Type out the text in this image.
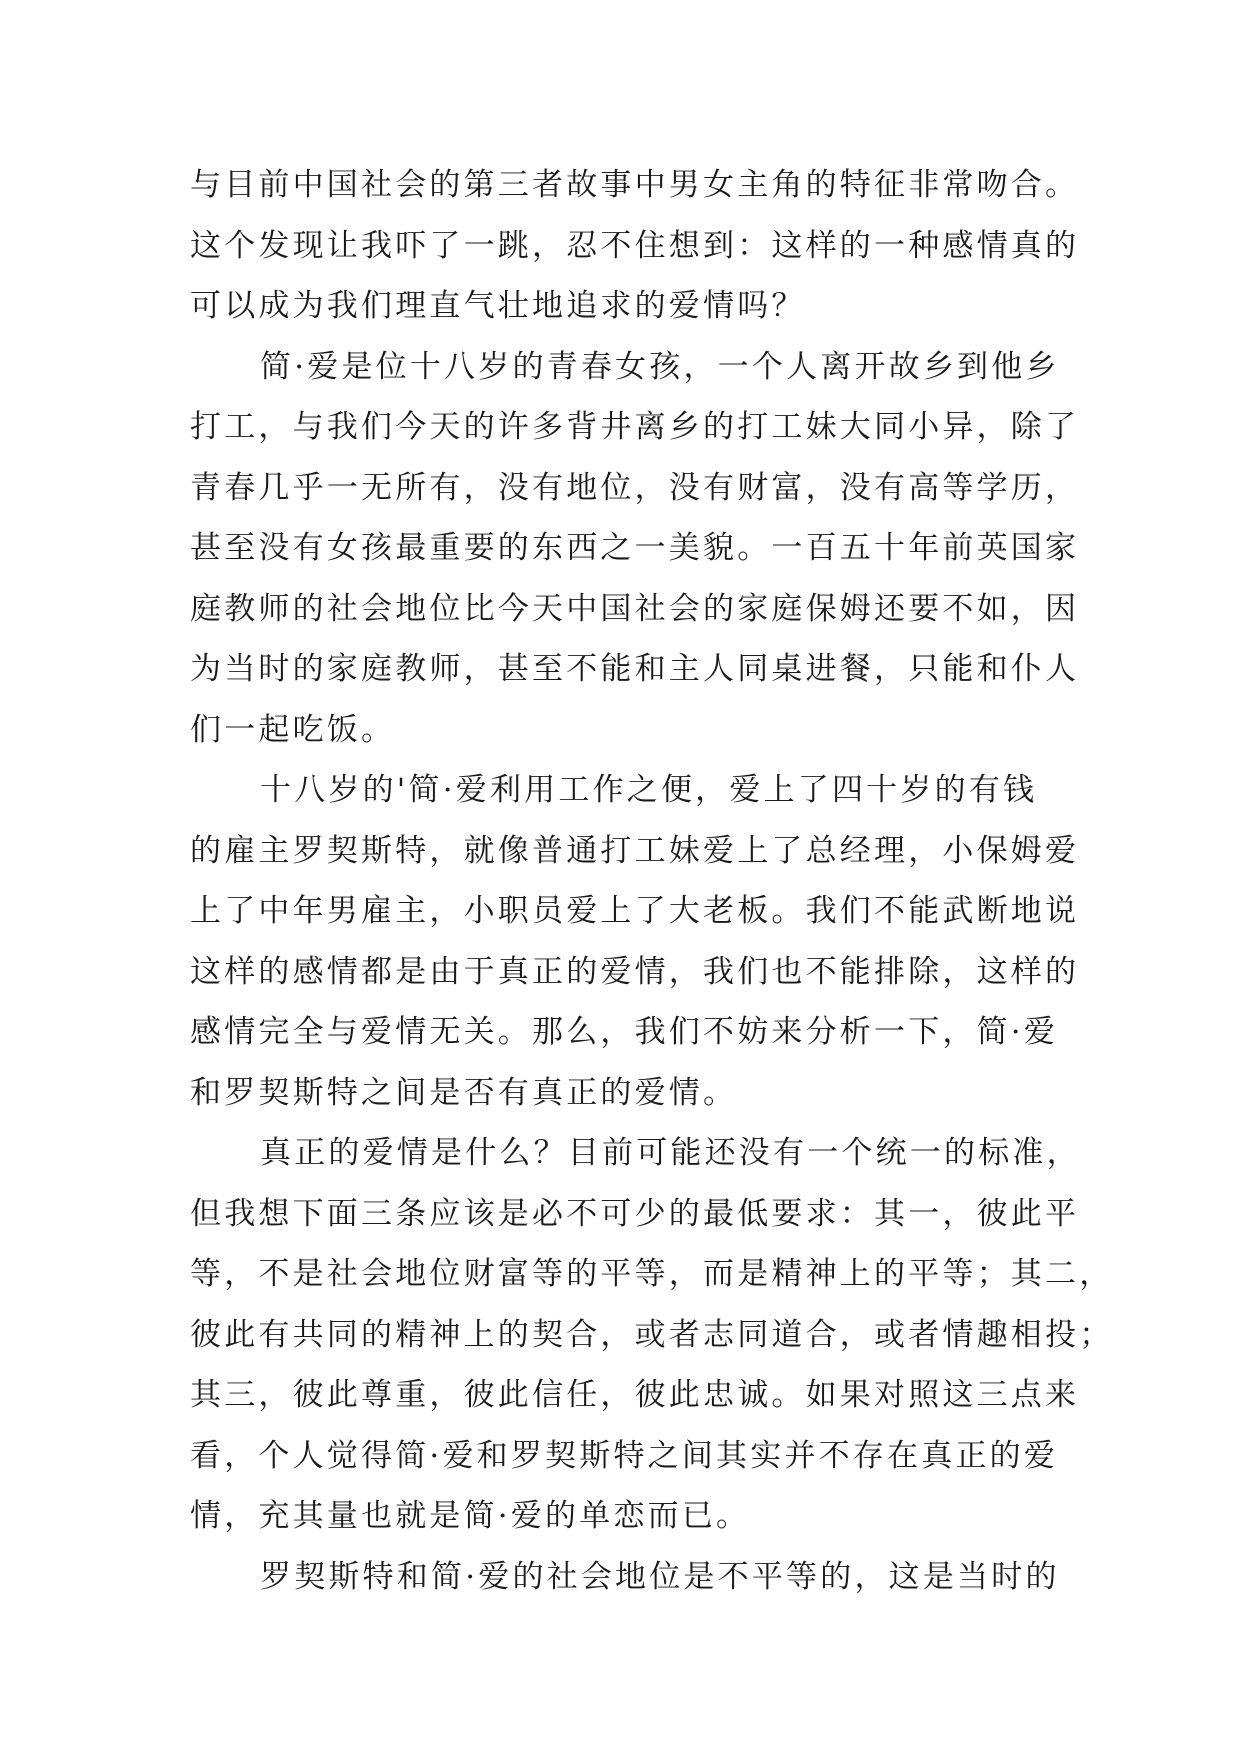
与目前中国社会的第三者故事中男女主角的特征非常吻合。
这个发现让我吓了一跳，忍不住想到：这样的一种感情真的
可以成为我们理直气壮地追求的爱情吗？
简·爱是位十八岁的青春女孩，一个人离开故乡到他乡
打工，与我们今天的许多背井离乡的打工妹大同小异，除了
青春几乎一无所有，没有地位，没有财富，没有高等学历，
甚至没有女孩最重要的东西之一美貌。一百五十年前英国家
庭教师的社会地位比今天中国社会的家庭保姆还要不如，因
为当时的家庭教师，甚至不能和主人同桌进餐，只能和仆人
们一起吃饭。
十八岁的'简·爱利用工作之便，爱上了四十岁的有钱
的雇主罗契斯特，就像普通打工妹爱上了总经理，小保姆爱
上了中年男雇主，小职员爱上了大老板。我们不能武断地说
这样的感情都是由于真正的爱情，我们也不能排除，这样的
感情完全与爱情无关。那么，我们不妨来分析一下，简·爱
和罗契斯特之间是否有真正的爱情。
真正的爱情是什么？目前可能还没有一个统一的标准，
但我想下面三条应该是必不可少的最低要求：其一，彼此平
等，不是社会地位财富等的平等，而是精神上的平等；其二，
彼此有共同的精神上的契合，或者志同道合，或者情趣相投；
其三，彼此尊重，彼此信任，彼此忠诚。如果对照这三点来
看，个人觉得简·爱和罗契斯特之间其实并不存在真正的爱
情，充其量也就是简·爱的单恋而已。
罗契斯特和简·爱的社会地位是不平等的，这是当时的
